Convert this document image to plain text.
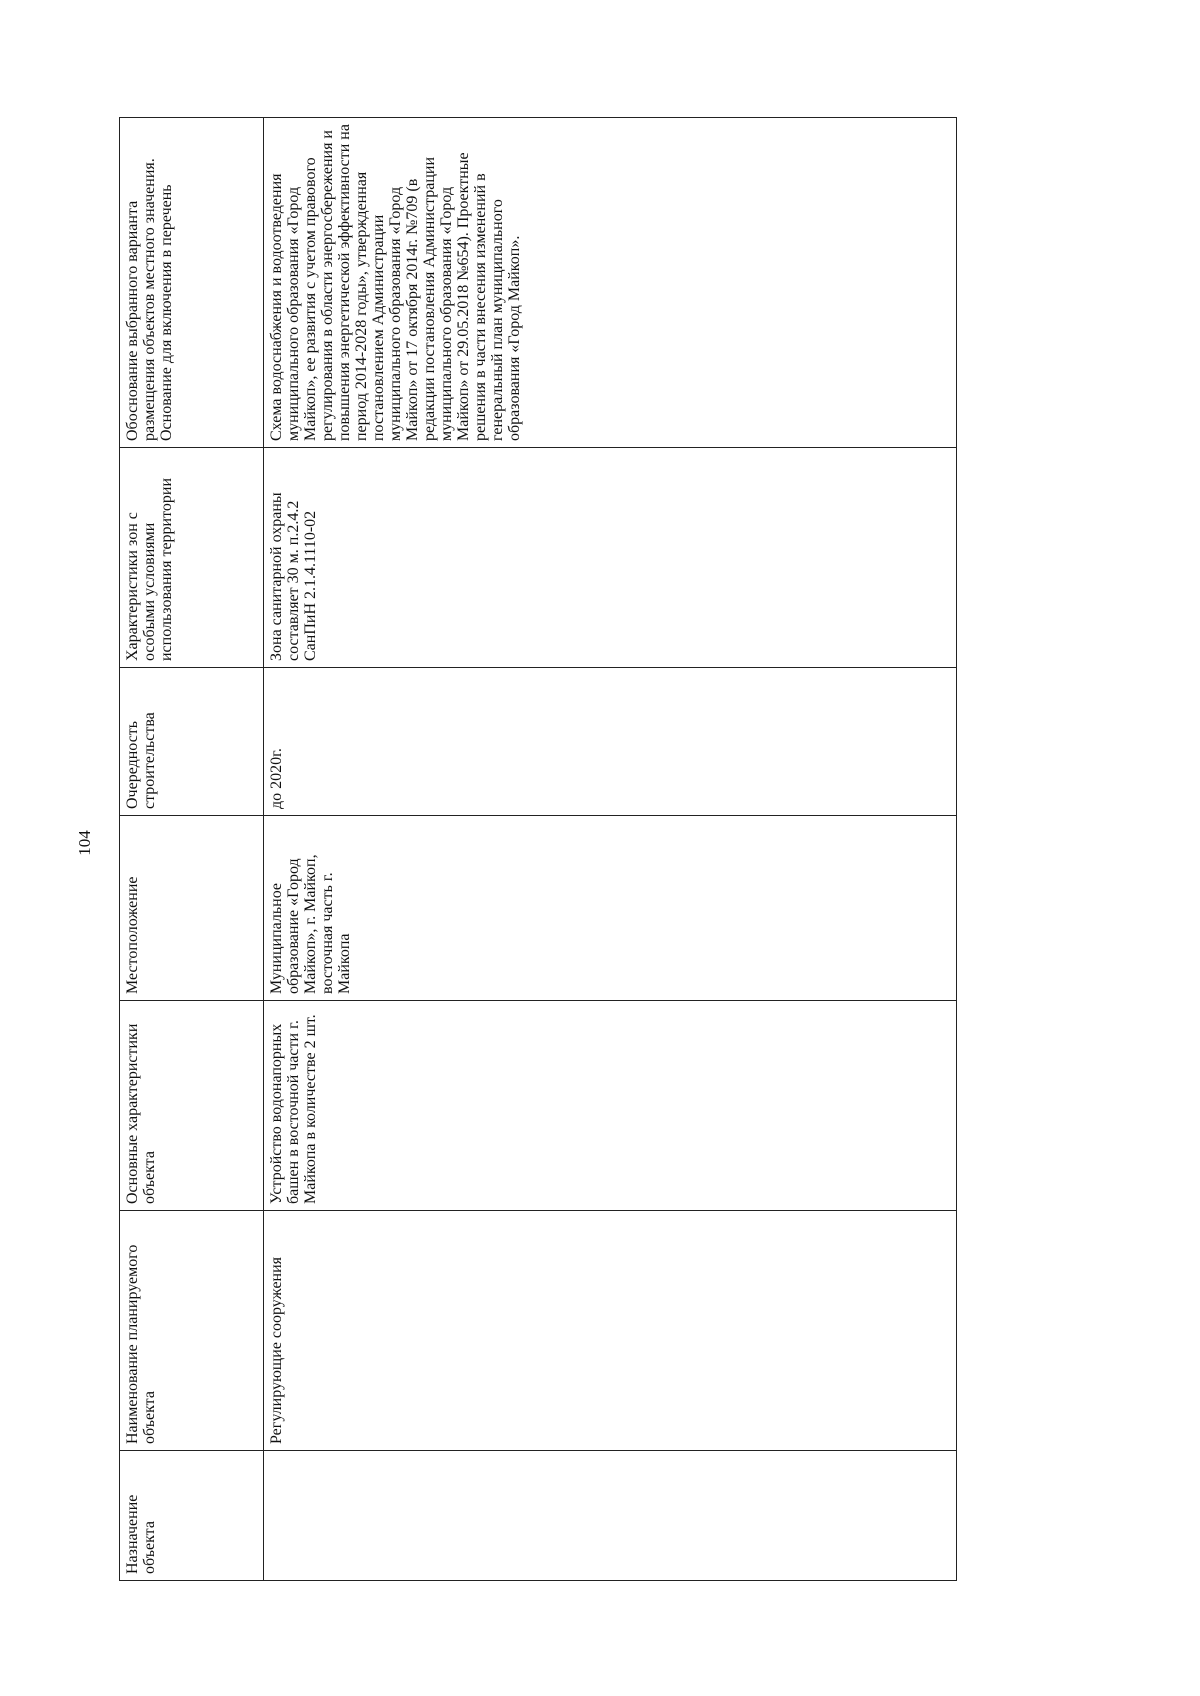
104
Назначение объекта	Наименование планируемого объекта	Основные характеристики объекта	Местоположение	Очередность строительства	Характеристики зон с особыми условиями использования территории	Обоснование выбранного варианта размещения объектов местного значения. Основание для включения в перечень

	Регулирующие сооружения	Устройство водонапорных башен в восточной части г. Майкопа в количестве 2 шт.	Муниципальное образование «Город Майкоп», г. Майкоп, восточная часть г. Майкопа	до 2020г.	Зона санитарной охраны составляет 30 м. п.2.4.2 СанПиН 2.1.4.1110-02	Схема водоснабжения и водоотведения муниципального образования «Город Майкоп», ее развития с учетом правового регулирования в области энергосбережения и повышения энергетической эффективности на период 2014-2028 годы», утвержденная постановлением Администрации муниципального образования «Город Майкоп» от 17 октября 2014г. №709 (в редакции постановления Администрации муниципального образования «Город Майкоп» от 29.05.2018 №654). Проектные решения в части внесения изменений в генеральный план муниципального образования «Город Майкоп».
